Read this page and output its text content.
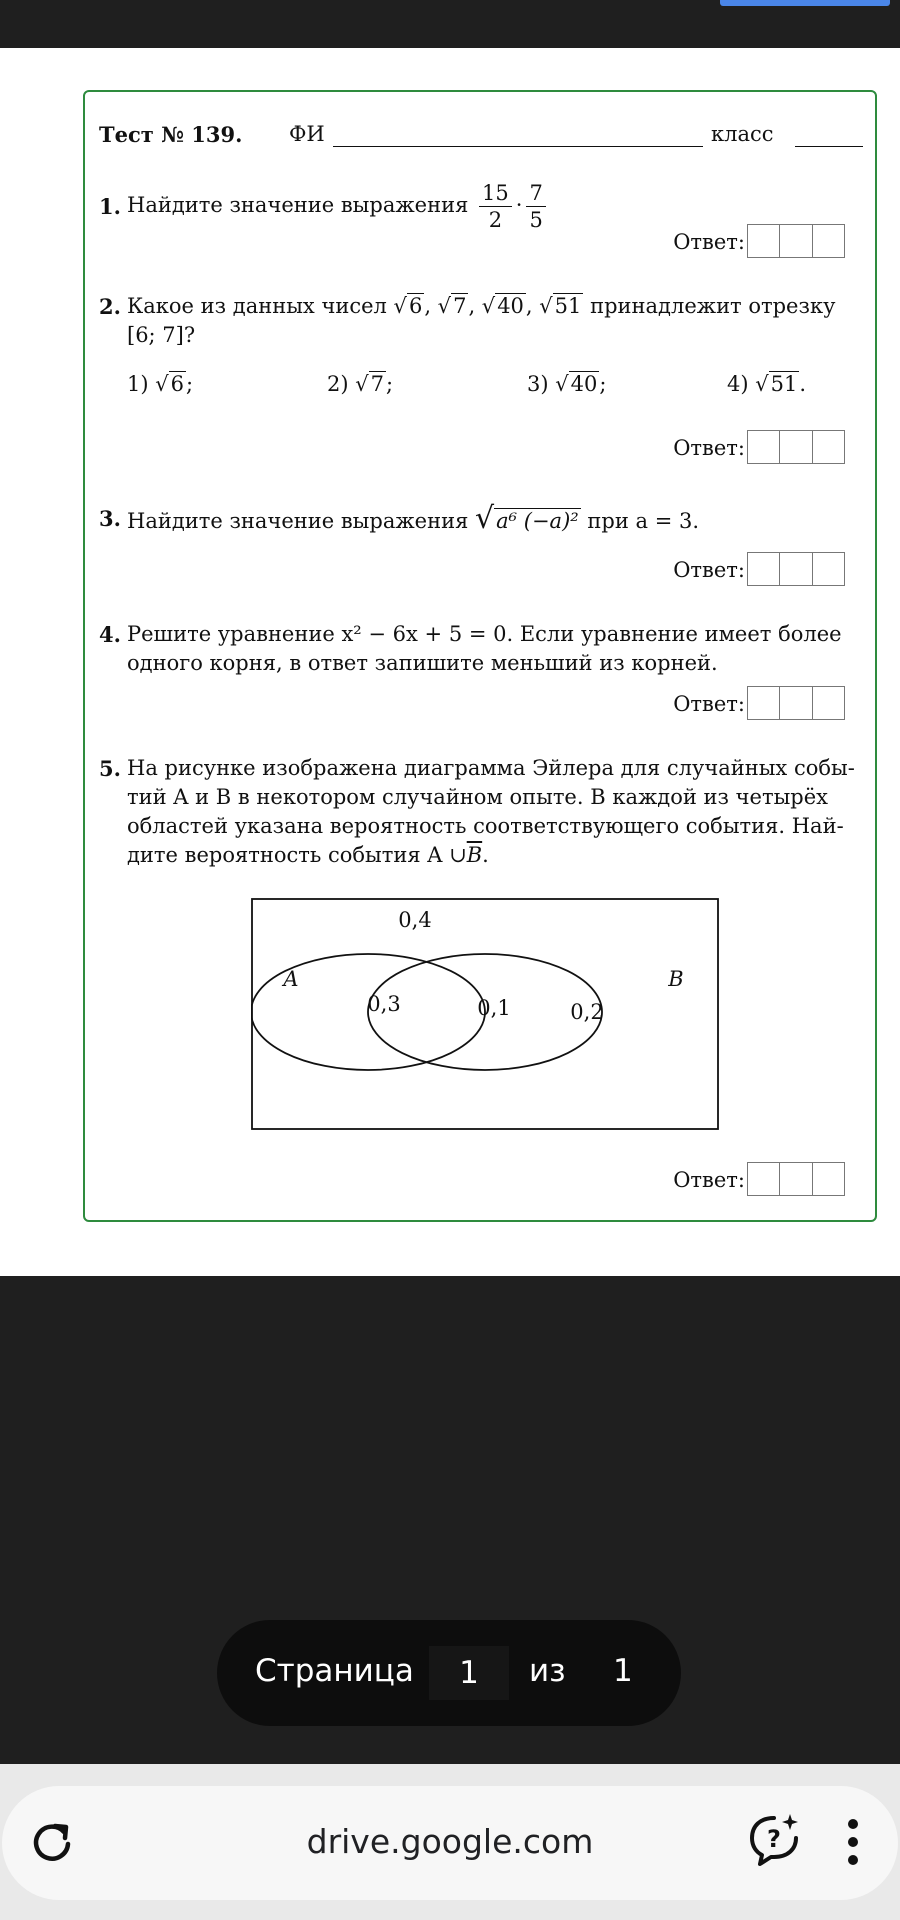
Тест № 139. ФИ	класс
1. Найдите значение выражения $\frac{15}{2} \cdot \frac{7}{5}$
Ответ:
2. Какое из данных чисел √6, √7, √40, √51 принадлежит отрезку
[6; 7]?
1) √6;	2) √7;	3) √40;	4) √51.
Ответ:
3. Найдите значение выражения √a⁶ (−a)² при a = 3.
Ответ:
4. Решите уравнение x² − 6x + 5 = 0. Если уравнение имеет более
одного корня, в ответ запишите меньший из корней.
Ответ:
5. На рисунке изображена диаграмма Эйлера для случайных собы-
тий A и B в некотором случайном опыте. В каждой из четырёх
областей указана вероятность соответствующего события. Най-
дите вероятность события A $\cup\overline{B}$.
0,4
A	B
0,3	0,1	0,2
Ответ:
Страница	1	из 1
drive.google.com	?
